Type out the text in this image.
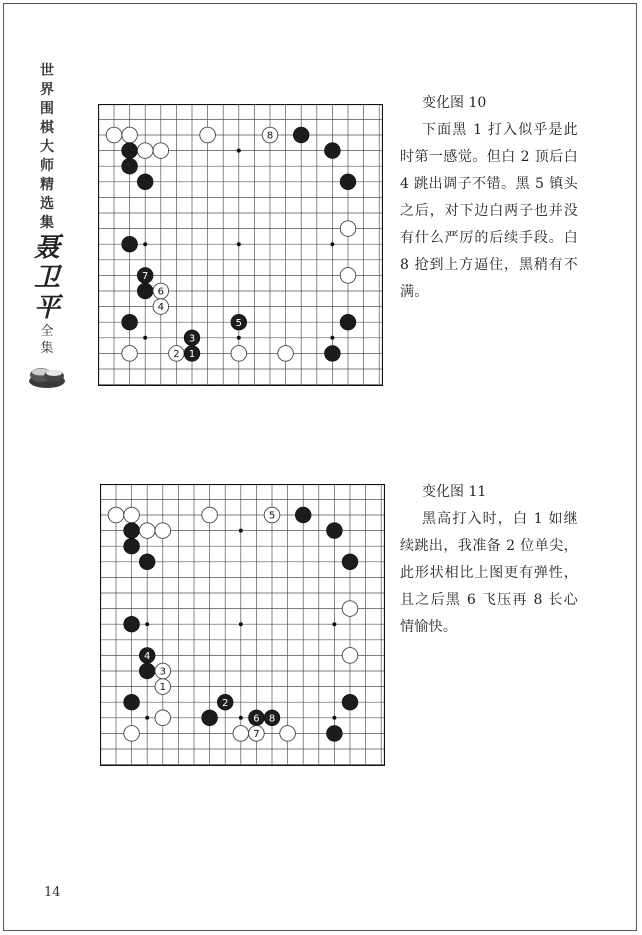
世
界
围
棋
大
师
精
选
集
聂
卫
平
全
集
8
7
6
4
5
3
2 1
变化图 10
下面黑 1 打入似乎是此时第一感觉。但白 2 顶后白 4 跳出调子不错。黑 5 镇头之后，对下边白两子也并没有什么严厉的后续手段。白 8 抢到上方逼住，黑稍有不满。
5
4
3
1
2
6 8
7
变化图 11
黑高打入时，白 1 如继续跳出，我准备 2 位单尖，此形状相比上图更有弹性，且之后黑 6 飞压再 8 长心情愉快。
14
